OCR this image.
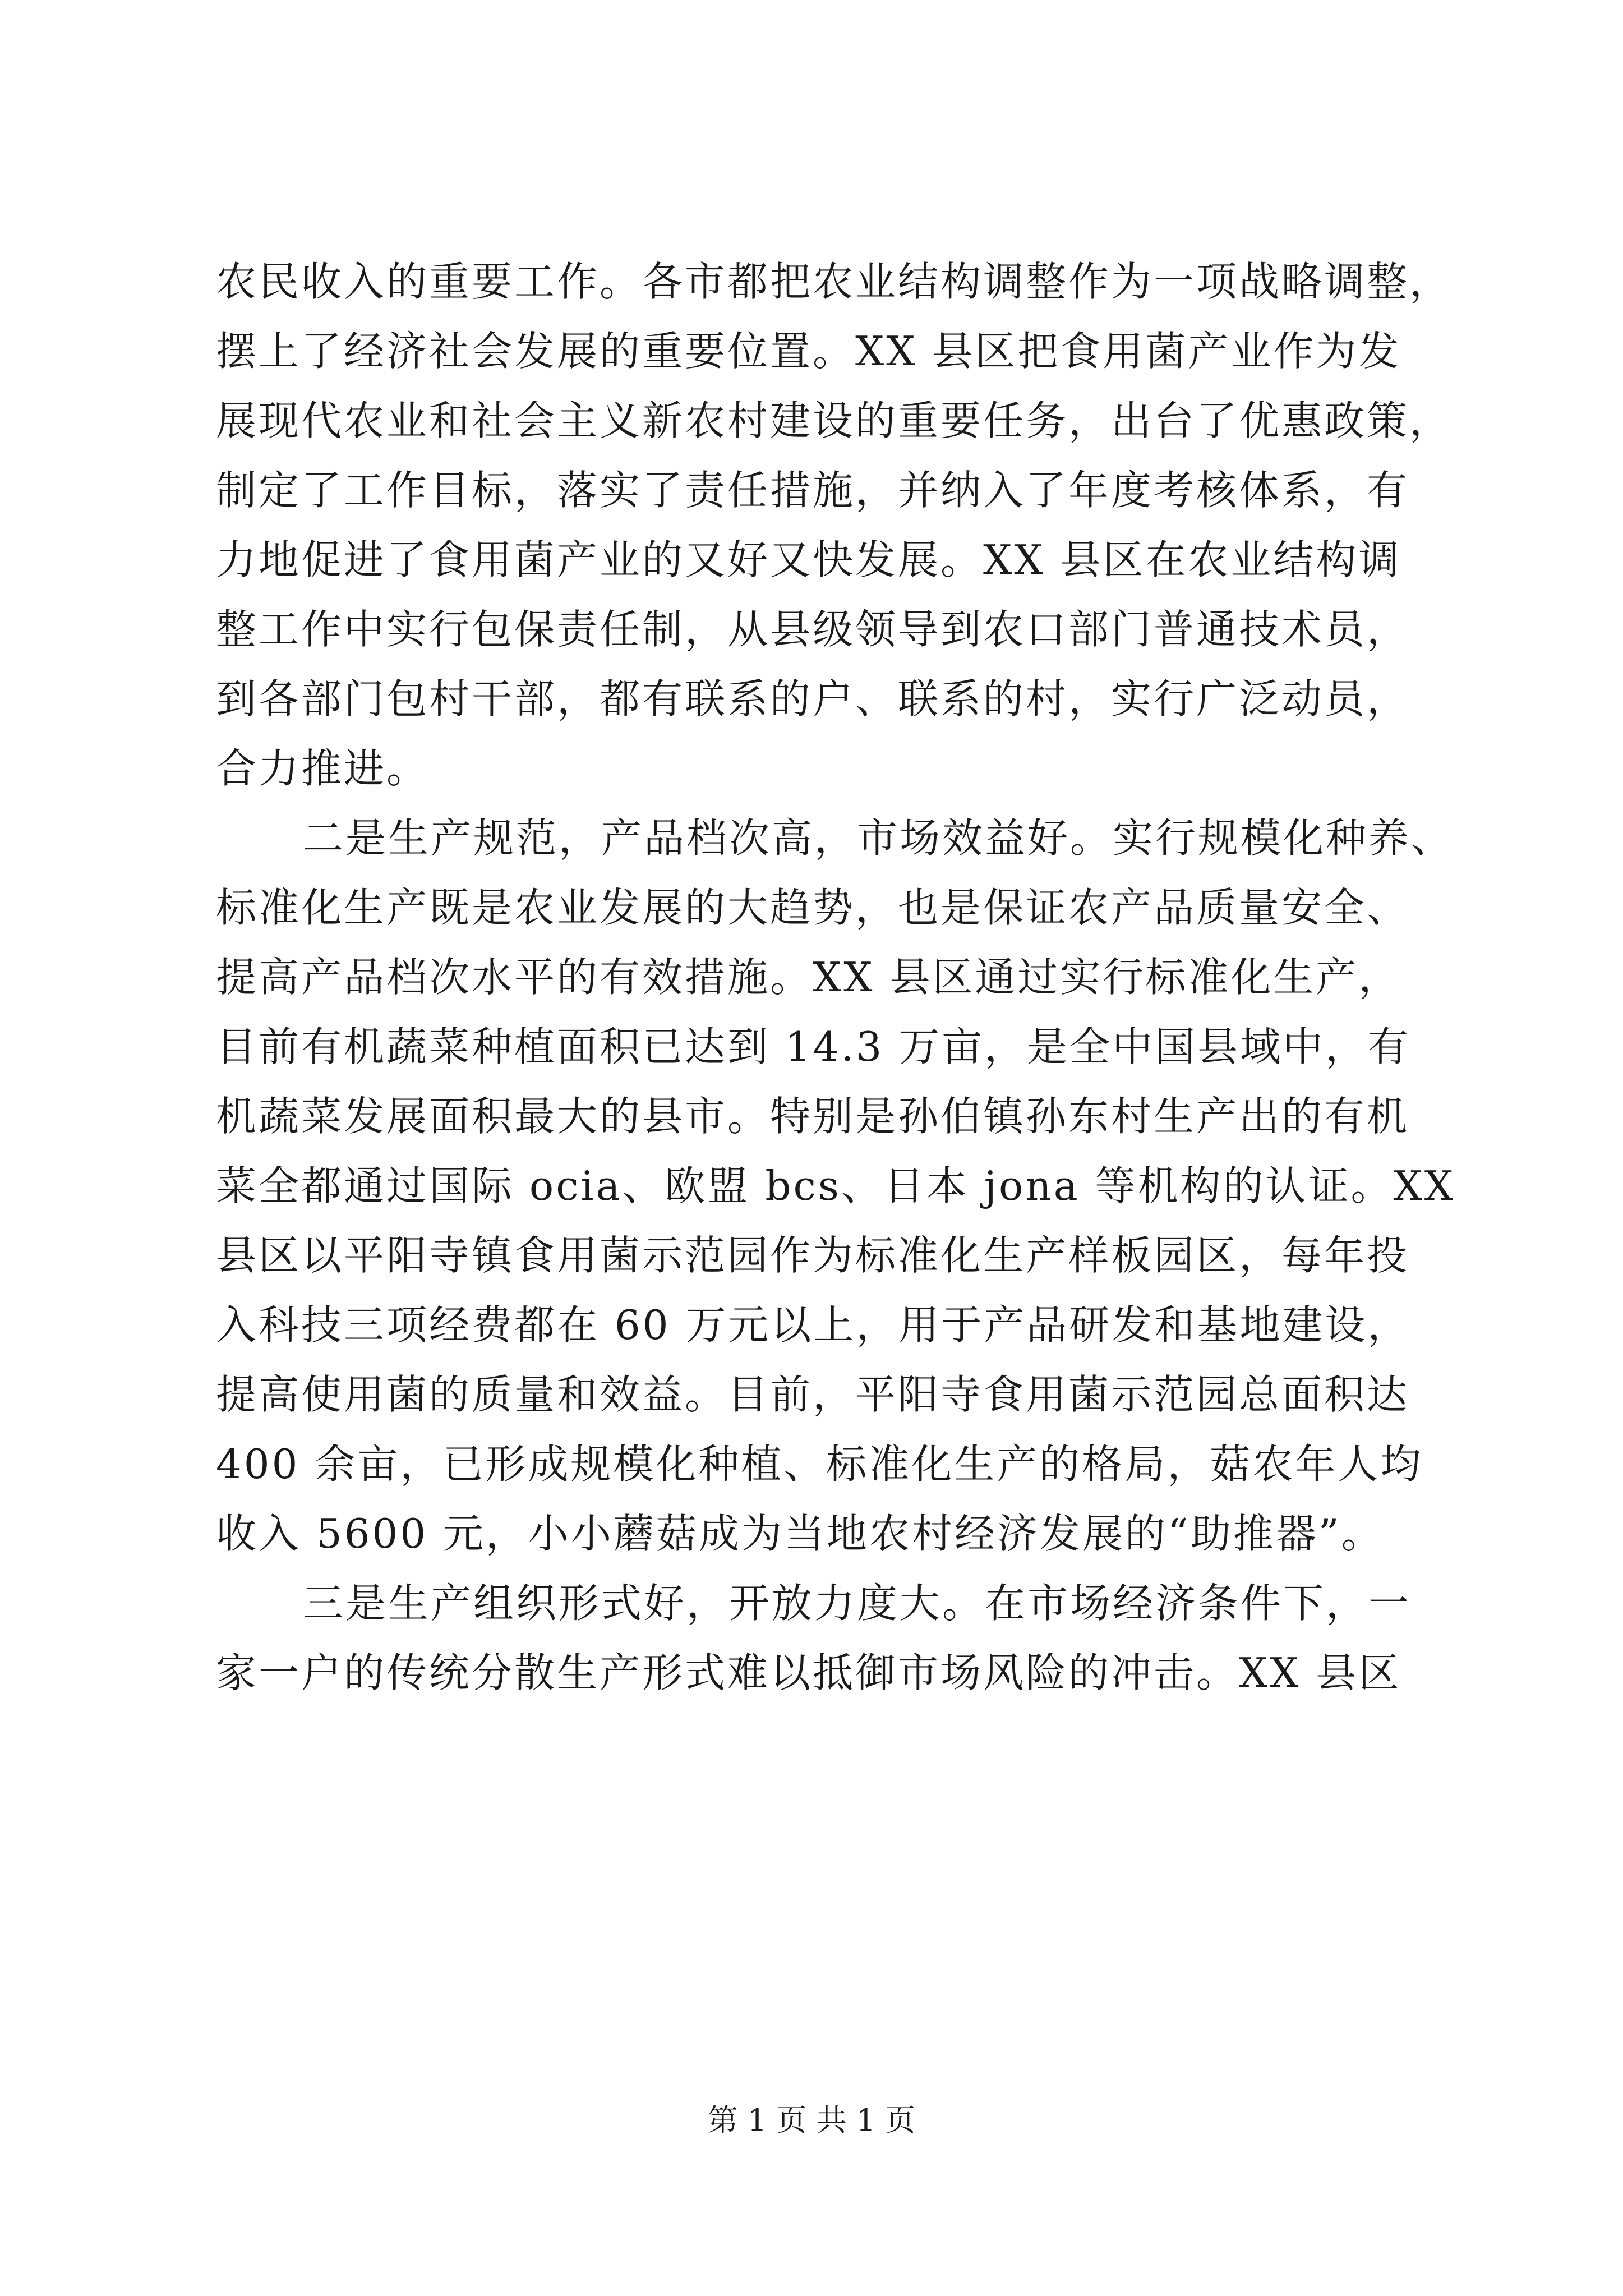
农民收入的重要工作。各市都把农业结构调整作为一项战略调整，
摆上了经济社会发展的重要位置。XX 县区把食用菌产业作为发
展现代农业和社会主义新农村建设的重要任务，出台了优惠政策，
制定了工作目标，落实了责任措施，并纳入了年度考核体系，有
力地促进了食用菌产业的又好又快发展。XX 县区在农业结构调
整工作中实行包保责任制，从县级领导到农口部门普通技术员，
到各部门包村干部，都有联系的户、联系的村，实行广泛动员，
合力推进。
二是生产规范，产品档次高，市场效益好。实行规模化种养、
标准化生产既是农业发展的大趋势，也是保证农产品质量安全、
提高产品档次水平的有效措施。XX 县区通过实行标准化生产，
目前有机蔬菜种植面积已达到 14.3 万亩，是全中国县域中，有
机蔬菜发展面积最大的县市。特别是孙伯镇孙东村生产出的有机
菜全都通过国际 ocia、欧盟 bcs、日本 jona 等机构的认证。XX
县区以平阳寺镇食用菌示范园作为标准化生产样板园区，每年投
入科技三项经费都在 60 万元以上，用于产品研发和基地建设，
提高使用菌的质量和效益。目前，平阳寺食用菌示范园总面积达
400 余亩，已形成规模化种植、标准化生产的格局，菇农年人均
收入 5600 元，小小蘑菇成为当地农村经济发展的“助推器”。
三是生产组织形式好，开放力度大。在市场经济条件下，一
家一户的传统分散生产形式难以抵御市场风险的冲击。XX 县区
第 1 页 共 1 页
